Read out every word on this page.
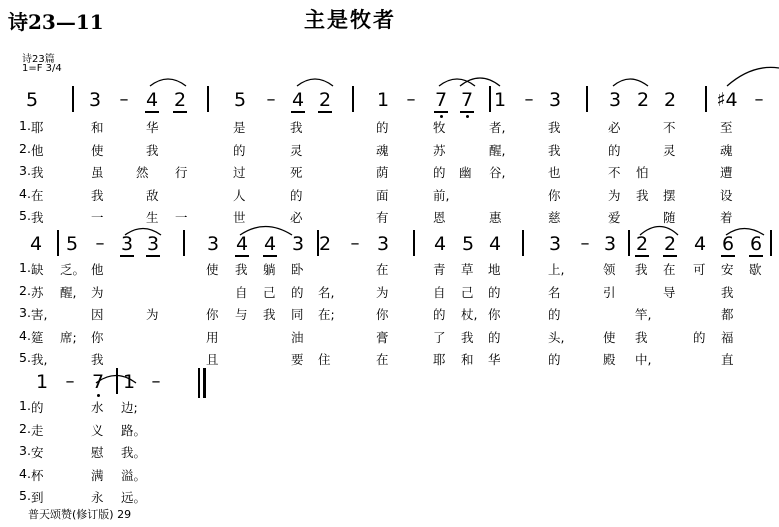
诗23—11	主是牧者
诗23篇
1=F 3/4
5	3 – 4 2	5 – 4 2 1 – 7 7 1 – 3	3 2 2 ♯4 –
1. 耶	和	华	是	我	的	牧	者,	我	必	不	至
2. 他	使	我	的	灵	魂	苏	醒,	我	的	灵	魂
3. 我	虽	然 行	过	死	荫	的 幽 谷,	也	不 怕	遭
4. 在	我	敌	人	的	面	前,	你	为 我 摆	设
5. 我	一	生 一	世	必	有	恩	惠	慈	爱	随	着
4 5 – 3 3	3 4 4 3 2 – 3 4 5 4	3 – 3 2 2 4 6 6
1. 缺 乏。 他	使 我 躺 卧	在	青 草 地	上,	领 我 在 可 安 歇
2. 苏 醒, 为	自 己 的 名,	为	自 己 的	名	引	导	我
3. 害,	因	为	你 与 我 同 在;	你	的 杖, 你	的	竿,	都
4. 筵 席; 你	用	油	膏	了 我 的	头,	使 我	的 福
5. 我,	我	且	要 住	在	耶 和 华	的	殿 中,	直
1 – 7 1 –
1. 的	水 边;
2. 走	义 路。
3. 安	慰 我。
4. 杯	满 溢。
5. 到	永 远。
普天颂赞(修订版) 29
